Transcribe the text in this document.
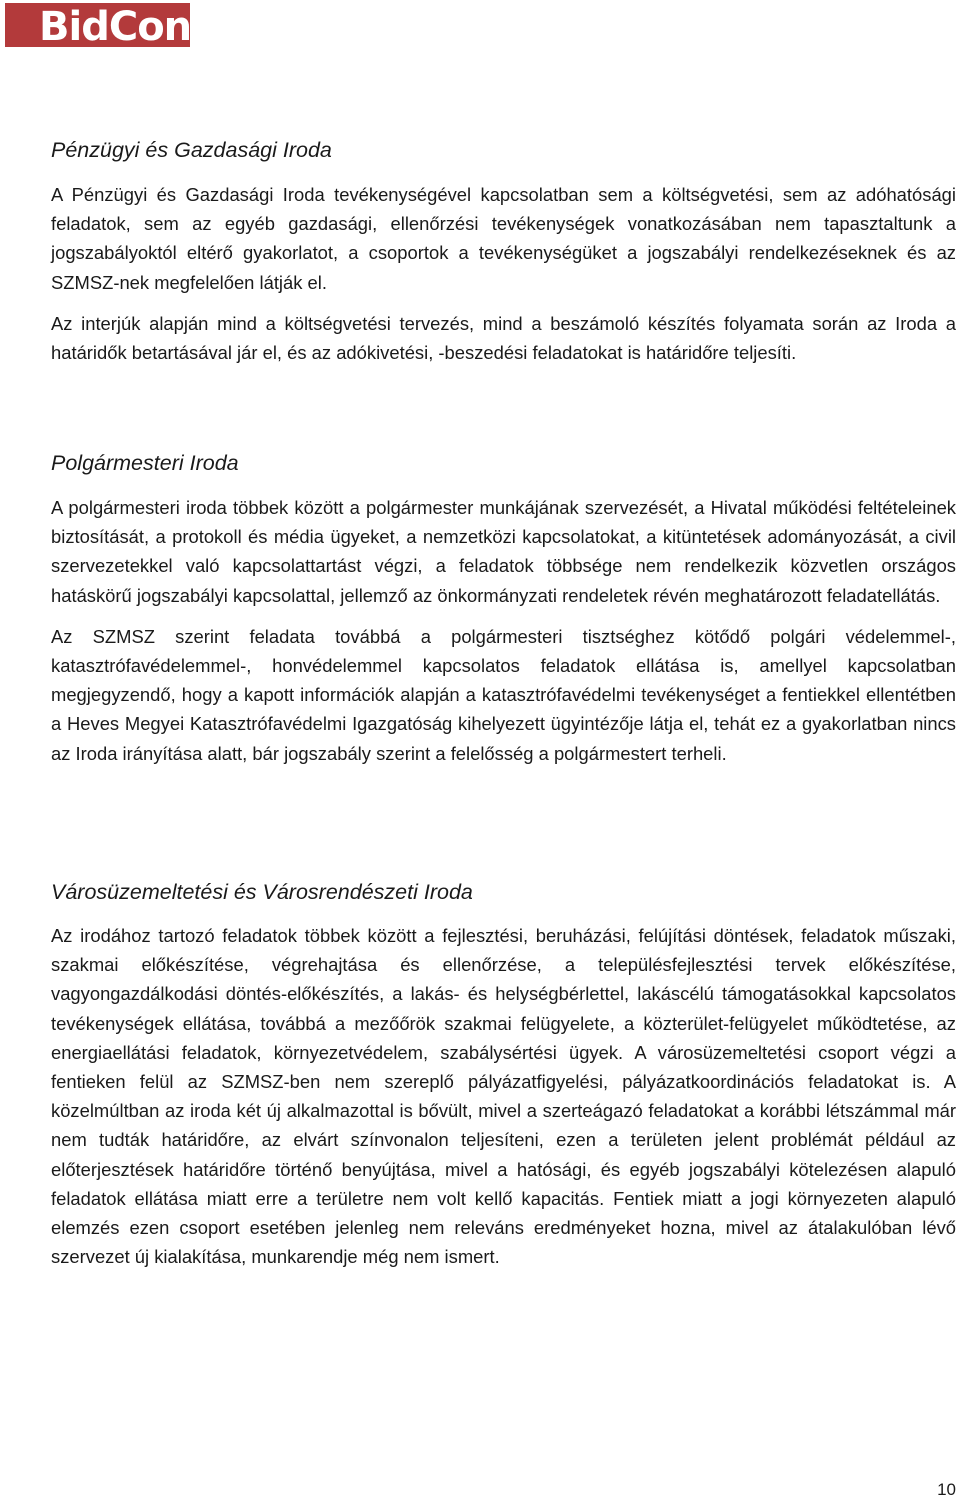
BidCon
Pénzügyi és Gazdasági Iroda

A Pénzügyi és Gazdasági Iroda tevékenységével kapcsolatban sem a költségvetési, sem az adóhatósági feladatok, sem az egyéb gazdasági, ellenőrzési tevékenységek vonatkozásában nem tapasztaltunk a jogszabályoktól eltérő gyakorlatot, a csoportok a tevékenységüket a jogszabályi rendelkezéseknek és az SZMSZ-nek megfelelően látják el.

Az interjúk alapján mind a költségvetési tervezés, mind a beszámoló készítés folyamata során az Iroda a határidők betartásával jár el, és az adókivetési, -beszedési feladatokat is határidőre teljesíti.

Polgármesteri Iroda

A polgármesteri iroda többek között a polgármester munkájának szervezését, a Hivatal működési feltételeinek biztosítását, a protokoll és média ügyeket, a nemzetközi kapcsolatokat, a kitüntetések adományozását, a civil szervezetekkel való kapcsolattartást végzi, a feladatok többsége nem rendelkezik közvetlen országos hatáskörű jogszabályi kapcsolattal, jellemző az önkormányzati rendeletek révén meghatározott feladatellátás.

Az SZMSZ szerint feladata továbbá a polgármesteri tisztséghez kötődő polgári védelemmel-, katasztrófavédelemmel-, honvédelemmel kapcsolatos feladatok ellátása is, amellyel kapcsolatban megjegyzendő, hogy a kapott információk alapján a katasztrófavédelmi tevékenységet a fentiekkel ellentétben a Heves Megyei Katasztrófavédelmi Igazgatóság kihelyezett ügyintézője látja el, tehát ez a gyakorlatban nincs az Iroda irányítása alatt, bár jogszabály szerint a felelősség a polgármestert terheli.

Városüzemeltetési és Városrendészeti Iroda

Az irodához tartozó feladatok többek között a fejlesztési, beruházási, felújítási döntések, feladatok műszaki, szakmai előkészítése, végrehajtása és ellenőrzése, a településfejlesztési tervek előkészítése, vagyongazdálkodási döntés-előkészítés, a lakás- és helységbérlettel, lakáscélú támogatásokkal kapcsolatos tevékenységek ellátása, továbbá a mezőőrök szakmai felügyelete, a közterület-felügyelet működtetése, az energiaellátási feladatok, környezetvédelem, szabálysértési ügyek. A városüzemeltetési csoport végzi a fentieken felül az SZMSZ-ben nem szereplő pályázatfigyelési, pályázatkoordinációs feladatokat is. A közelmúltban az iroda két új alkalmazottal is bővült, mivel a szerteágazó feladatokat a korábbi létszámmal már nem tudták határidőre, az elvárt színvonalon teljesíteni, ezen a területen jelent problémát például az előterjesztések határidőre történő benyújtása, mivel a hatósági, és egyéb jogszabályi kötelezésen alapuló feladatok ellátása miatt erre a területre nem volt kellő kapacitás. Fentiek miatt a jogi környezeten alapuló elemzés ezen csoport esetében jelenleg nem releváns eredményeket hozna, mivel az átalakulóban lévő szervezet új kialakítása, munkarendje még nem ismert.

10
